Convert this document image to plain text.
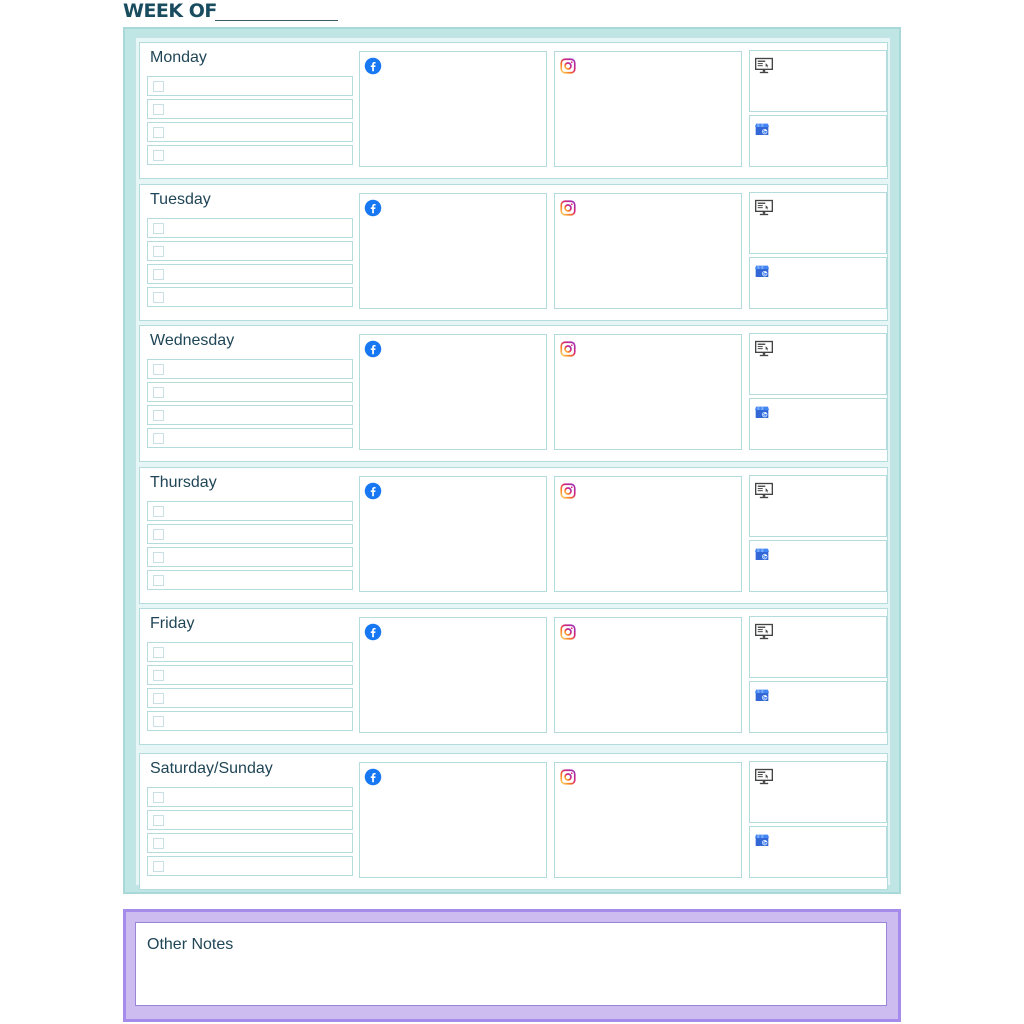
WEEK OF
Monday
Tuesday
Wednesday
Thursday
Friday
Saturday/Sunday
Other Notes
